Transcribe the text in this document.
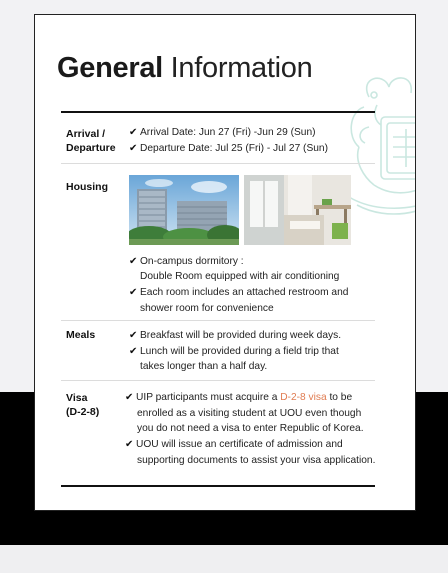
General Information
Arrival /
Departure
✔ Arrival Date: Jun 27 (Fri) -Jun 29 (Sun)
✔ Departure Date: Jul 25 (Fri) - Jul 27 (Sun)
Housing
✔ On-campus dormitory :
Double Room equipped with air conditioning
✔ Each room includes an attached restroom and
shower room for convenience
Meals	✔ Breakfast will be provided during week days.
✔ Lunch will be provided during a field trip that
takes longer than a half day.
Visa
(D-2-8)
✔ UIP participants must acquire a D-2-8 visa to be
enrolled as a visiting student at UOU even though
you do not need a visa to enter Republic of Korea.
✔ UOU will issue an certificate of admission and
supporting documents to assist your visa application.
